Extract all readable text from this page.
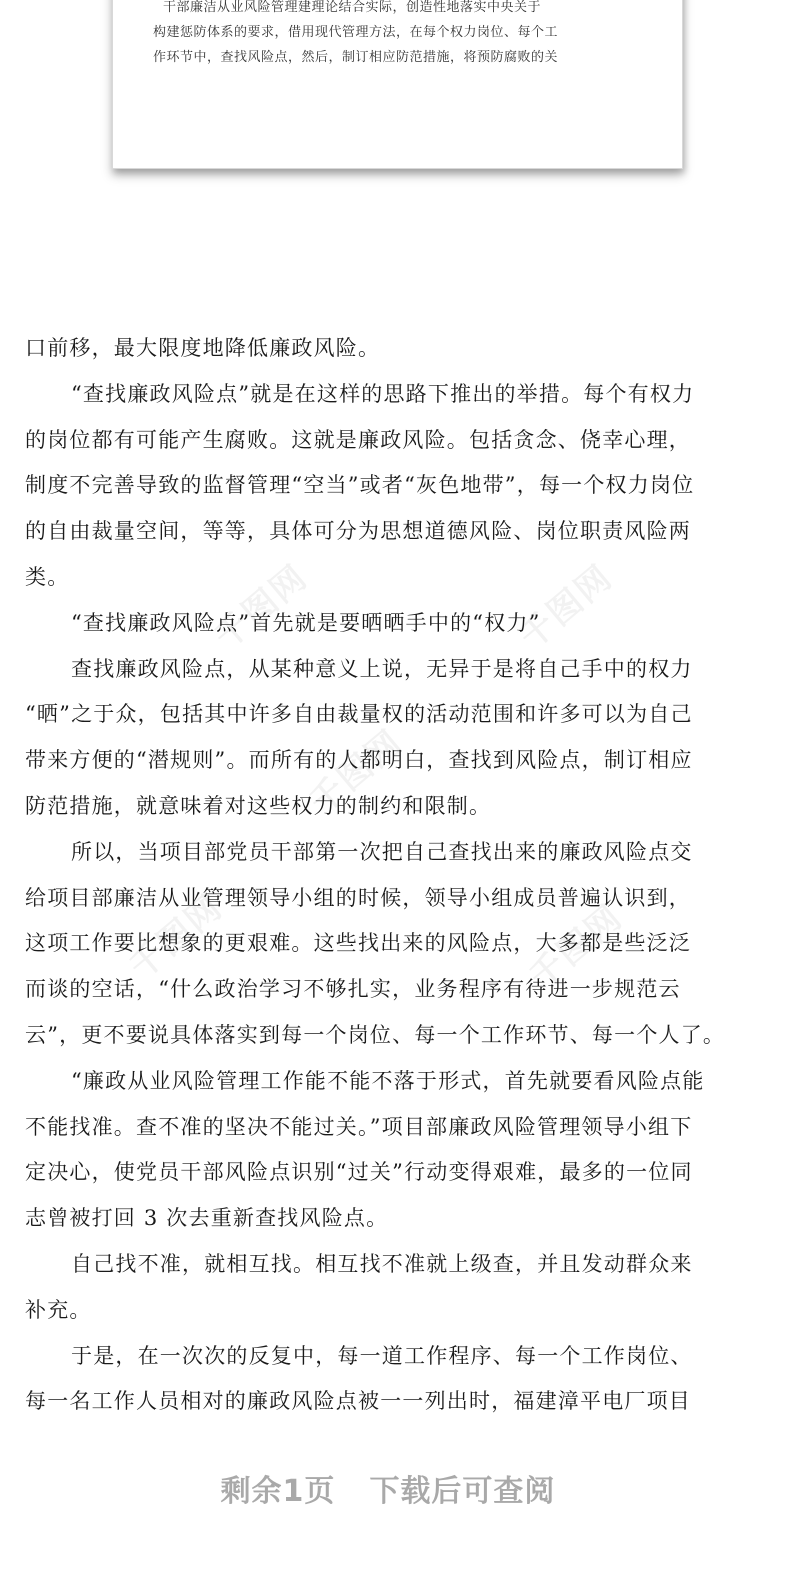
干部廉洁从业风险管理建理论结合实际，创造性地落实中央关于
构建惩防体系的要求，借用现代管理方法，在每个权力岗位、每个工
作环节中，查找风险点，然后，制订相应防范措施，将预防腐败的关
千图网	千图网
千图网
千图网	千图网
口前移，最大限度地降低廉政风险。
“查找廉政风险点”就是在这样的思路下推出的举措。每个有权力
的岗位都有可能产生腐败。这就是廉政风险。包括贪念、侥幸心理，
制度不完善导致的监督管理“空当”或者“灰色地带”，每一个权力岗位
的自由裁量空间，等等，具体可分为思想道德风险、岗位职责风险两
类。
“查找廉政风险点”首先就是要晒晒手中的“权力”
查找廉政风险点，从某种意义上说，无异于是将自己手中的权力
“晒”之于众，包括其中许多自由裁量权的活动范围和许多可以为自己
带来方便的“潜规则”。而所有的人都明白，查找到风险点，制订相应
防范措施，就意味着对这些权力的制约和限制。
所以，当项目部党员干部第一次把自己查找出来的廉政风险点交
给项目部廉洁从业管理领导小组的时候，领导小组成员普遍认识到，
这项工作要比想象的更艰难。这些找出来的风险点，大多都是些泛泛
而谈的空话，“什么政治学习不够扎实，业务程序有待进一步规范云
云”，更不要说具体落实到每一个岗位、每一个工作环节、每一个人了。
“廉政从业风险管理工作能不能不落于形式，首先就要看风险点能
不能找准。查不准的坚决不能过关。”项目部廉政风险管理领导小组下
定决心，使党员干部风险点识别“过关”行动变得艰难，最多的一位同
志曾被打回 3 次去重新查找风险点。
自己找不准，就相互找。相互找不准就上级查，并且发动群众来
补充。
于是，在一次次的反复中，每一道工作程序、每一个工作岗位、
每一名工作人员相对的廉政风险点被一一列出时，福建漳平电厂项目
剩余1页 下载后可查阅
